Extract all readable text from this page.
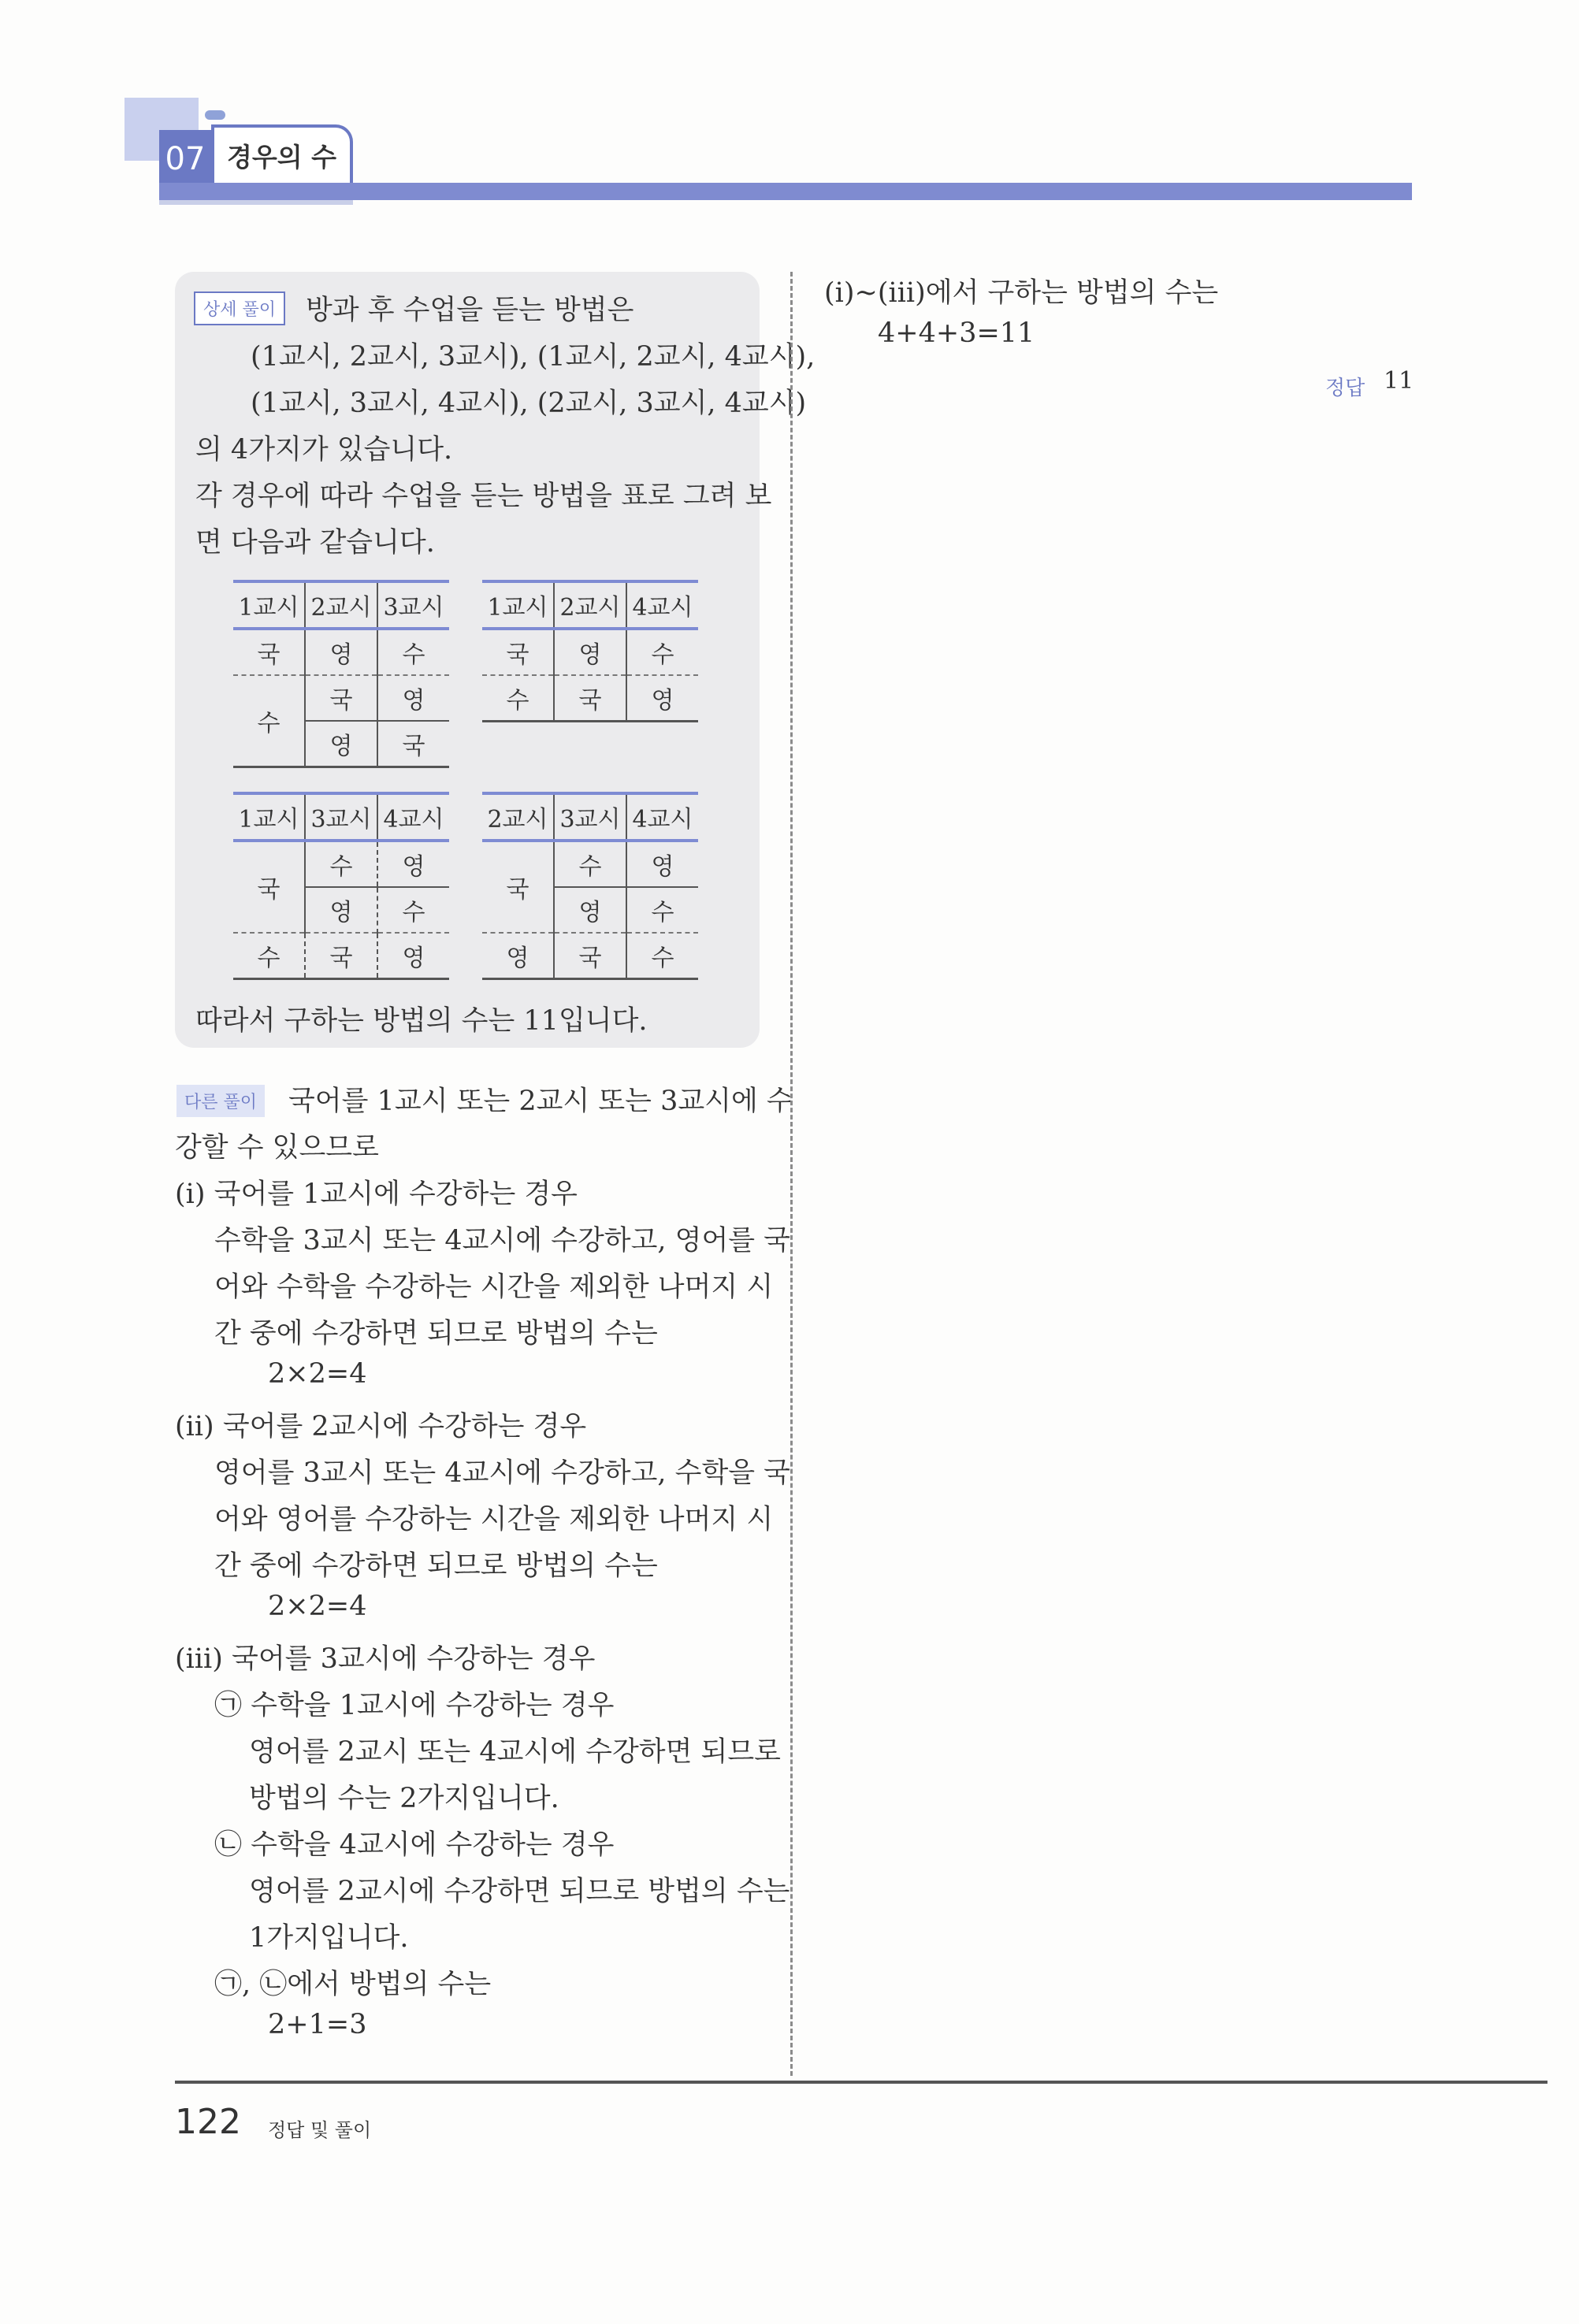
07 경우의 수
상세 풀이	방과 후 수업을 듣는 방법은
(1교시, 2교시, 3교시), (1교시, 2교시, 4교시),
(1교시, 3교시, 4교시), (2교시, 3교시, 4교시)
의 4가지가 있습니다.
각 경우에 따라 수업을 듣는 방법을 표로 그려 보
면 다음과 같습니다.
1교시	2교시	3교시
국	영	수
수	국	영
	영	국
1교시	2교시	4교시
국	영	수
수	국	영
1교시	3교시	4교시
국	수	영
	영	수
수	국	영
2교시	3교시	4교시
국	수	영
	영	수
영	국	수
따라서 구하는 방법의 수는 11입니다.
다른 풀이 국어를 1교시 또는 2교시 또는 3교시에 수
강할 수 있으므로
(ⅰ) 국어를 1교시에 수강하는 경우
수학을 3교시 또는 4교시에 수강하고, 영어를 국
어와 수학을 수강하는 시간을 제외한 나머지 시
간 중에 수강하면 되므로 방법의 수는
2×2=4
(ⅱ) 국어를 2교시에 수강하는 경우
영어를 3교시 또는 4교시에 수강하고, 수학을 국
어와 영어를 수강하는 시간을 제외한 나머지 시
간 중에 수강하면 되므로 방법의 수는
2×2=4
(ⅲ) 국어를 3교시에 수강하는 경우
㉠ 수학을 1교시에 수강하는 경우
영어를 2교시 또는 4교시에 수강하면 되므로
방법의 수는 2가지입니다.
㉡ 수학을 4교시에 수강하는 경우
영어를 2교시에 수강하면 되므로 방법의 수는
1가지입니다.
㉠, ㉡에서 방법의 수는
2+1=3
(ⅰ)~(ⅲ)에서 구하는 방법의 수는
4+4+3=11
정답 11
122 정답 및 풀이
